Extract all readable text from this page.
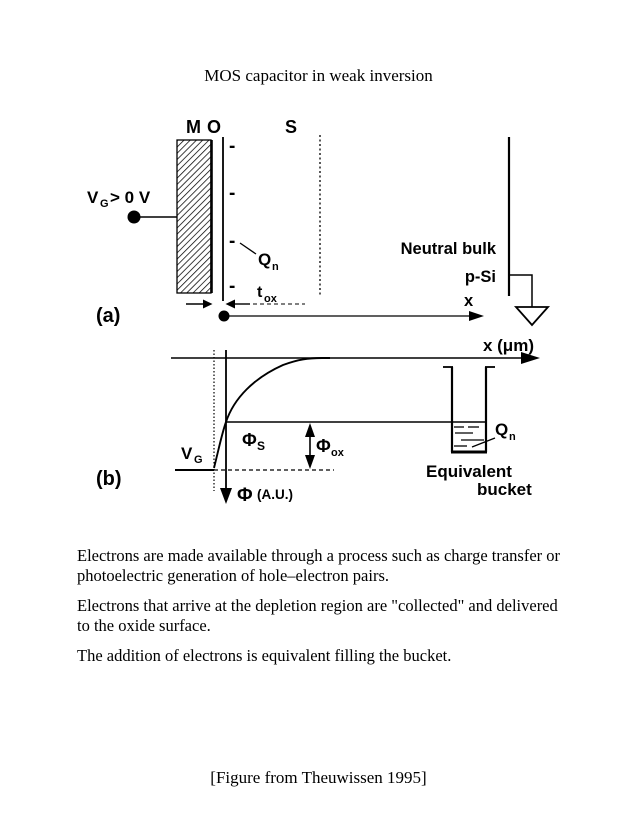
MOS capacitor in weak inversion
M O	S
V G > 0 V
-
-
-
-
Q n
t ox
Neutral bulk
p-Si
x
(a)
x (μm)
V G
Φ S	Φ ox
Φ (A.U.)
Q n
Equivalent
bucket
(b)

Electrons are made available through a process such as charge transfer or photoelectric generation of hole–electron pairs.

Electrons that arrive at the depletion region are "collected" and delivered to the oxide surface.

The addition of electrons is equivalent filling the bucket.

[Figure from Theuwissen 1995]
